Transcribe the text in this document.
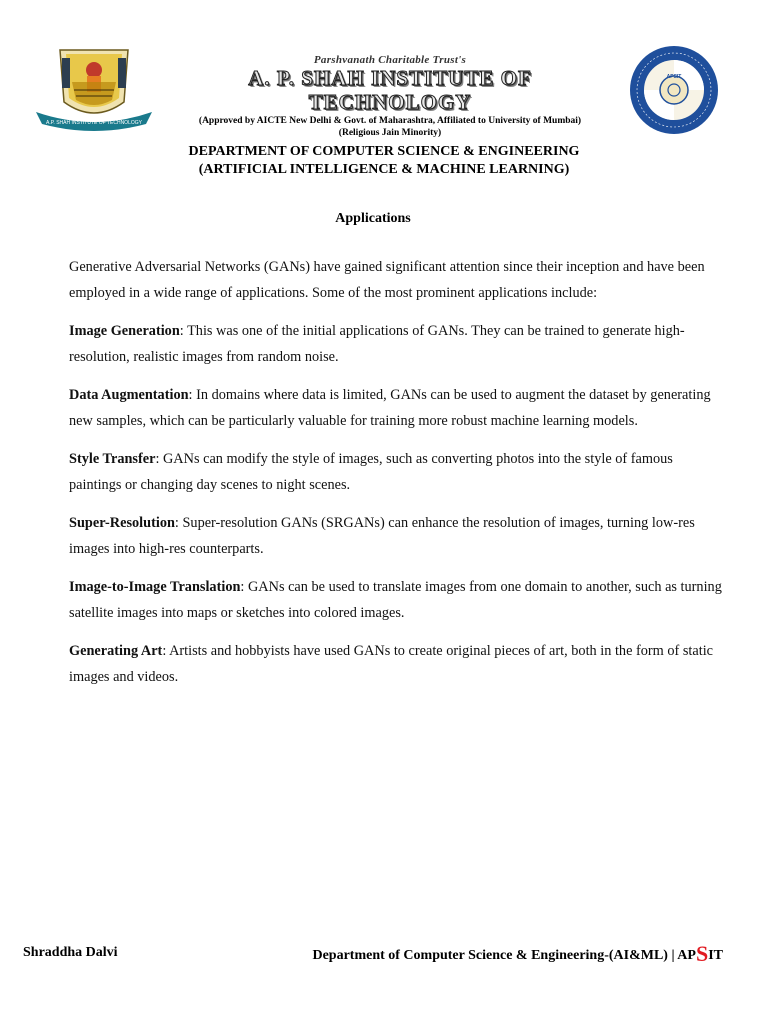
A.P. SHAH INSTITUTE OF TECHNOLOGY
Parshvanath Charitable Trust's
A. P. SHAH INSTITUTE OF TECHNOLOGY
(Approved by AICTE New Delhi & Govt. of Maharashtra, Affiliated to University of Mumbai)
(Religious Jain Minority)
APSIT
DEPARTMENT OF COMPUTER SCIENCE & ENGINEERING
(ARTIFICIAL INTELLIGENCE & MACHINE LEARNING)
Applications

Generative Adversarial Networks (GANs) have gained significant attention since their inception and have been employed in a wide range of applications. Some of the most prominent applications include:

Image Generation: This was one of the initial applications of GANs. They can be trained to generate high-resolution, realistic images from random noise.

Data Augmentation: In domains where data is limited, GANs can be used to augment the dataset by generating new samples, which can be particularly valuable for training more robust machine learning models.

Style Transfer: GANs can modify the style of images, such as converting photos into the style of famous paintings or changing day scenes to night scenes.

Super-Resolution: Super-resolution GANs (SRGANs) can enhance the resolution of images, turning low-res images into high-res counterparts.

Image-to-Image Translation: GANs can be used to translate images from one domain to another, such as turning satellite images into maps or sketches into colored images.

Generating Art: Artists and hobbyists have used GANs to create original pieces of art, both in the form of static images and videos.

Shraddha Dalvi	Department of Computer Science & Engineering-(AI&ML) | APSIT
